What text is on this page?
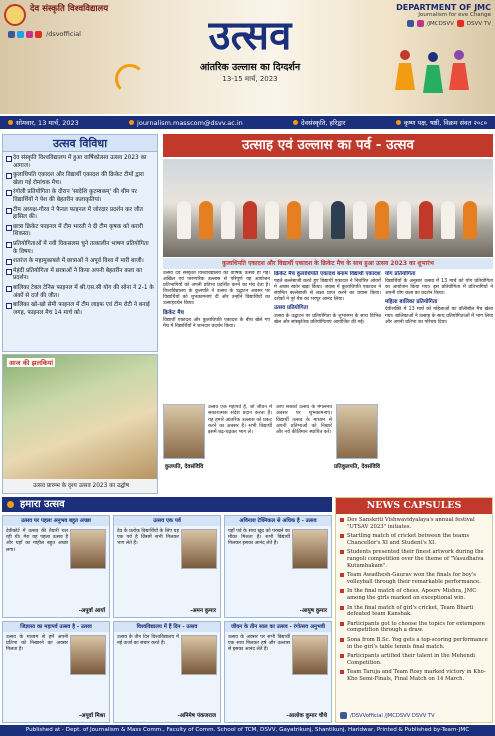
देव संस्कृति विश्वविद्यालय
/dsvofficial	उत्सव
आंतरिक उल्लास का दिग्दर्शन
13-15 मार्च, 2023
DEPARTMENT OF JMC
Journalism for eve Change
/JMCDSVV DSVV TV
सोमवार, 13 मार्च, 2023	journalism.masscom@dsvv.ac.in	देवसंस्कृति, हरिद्वार	कृष्ण पक्ष, षष्ठी, विक्रम संवत २०८०
उत्सव विविधा
देव संस्कृति विश्वविद्यालय में हुआ वार्षिकोत्सव उत्सव 2023 का आगाज।
कुलाधिपति एकादश और विद्यार्थी एकादश की क्रिकेट टीमों द्वारा खेला गई रोमांचक मैच।
रंगोली प्रतियोगिता के दौरान 'स्वदेशि कुटम्बकम्' की थीम पर विद्यार्थियों ने पेश की बेहतरीन कलाकृतियां।
टीम अध्यक्ष-गौरव ने फैनल फाइनल में जोरदार प्रदर्शन कर जीत हासिल की।
छात्रा क्रिकेट फाइनल में टीम भारती ने दी टीम कृषक को करारी शिकस्त।
प्रतियोगिताओं में नवी विकसलस चुने तत्कालीन भाषण प्रतियोगिता के विषय।
शतरंज के महामुकाबले में छात्राओं ने अपूर्व विश्व में मारी बाजी।
मेहंदी प्रतियोगिता में छात्राओं ने किया अपनी बेहतरीन कला का प्रदर्शन।
बालिका टेबल टेनिस फाइनल में श्री.एस.सी योग की सोना ने 2-1 के अंकों से दर्ज की जीत।
बालिका खो-खो सेमी फाइनल में टीम लाइफ एवं टीम रोटी ने बनाई जगह, फाइनल मैच 14 मार्च को।
आज की झलकियां
उत्सव प्रारम्भ के दृश्य उत्सव 2023 का उद्घोष
उत्साह एवं उल्लास का पर्व - उत्सव
कुलाधिपति एकादश और विद्यार्थी एकादश के क्रिकेट मैच के साथ हुआ उत्सव 2023 का शुभारंभ

उत्सव देव संस्कृति विश्वविद्यालय का वार्षिक उत्सव हो गई। अखिल एवं पारम्परिक उल्लास से परिपूर्ण यह आयोजन प्रतिभागियों को अपनी प्रतिभा प्रदर्शित करने का मंच देता है। विश्वविद्यालय के कुलपति ने उत्सव के उद्घाटन अवसर पर विद्यार्थियों को शुभकामनाएं दीं और उन्होंने विद्यार्थियों का उत्साहवर्धन किया।

क्रिकेट मैच

विद्यार्थी एकादश और कुलाधिपति एकादश के बीच खेले गए मैच में विद्यार्थियों ने शानदार प्रदर्शन किया।

क्रिकेट मैच कुलाधिपति एकादश बनाम विद्यार्थी एकादश

पहले बल्लेबाजी करते हुए विद्यार्थी एकादश ने निर्धारित ओवरों में अच्छा स्कोर खड़ा किया। जवाब में कुलाधिपति एकादश ने संयमित बल्लेबाजी से लक्ष्य प्राप्त करने का प्रयास किया। दर्शकों ने पूरे मैच का भरपूर आनंद लिया।

उत्सव प्रतियोगिता

उत्सव के उद्घाटन पर प्रतियोगिता के शुभारम्भ के साथ विभिन्न खेल और सांस्कृतिक प्रतियोगिताएं आयोजित की गईं।

योग प्रतियोगिता

विद्यार्थियों के अनुसार उत्सव में 13 मार्च को योग प्रतियोगिता का आयोजन किया गया। इस प्रतियोगिता में प्रतिभागियों ने अपनी योग कला का प्रदर्शन किया।

महिला बालिका प्रतियोगिता

देवीशक्ति में 13 मार्च को महिलाओं का वॉलीबॉल मैच खेला गया। बालिकाओं ने उत्साह के साथ प्रतियोगिताओं में भाग लिया और अपनी प्रतिभा का परिचय दिया।

कुलपति, देवसंविवि
उत्सव एक महापर्व है, जो जीवन में सकारात्मक संदेश प्रदान करता है। यह हमारे आंतरिक उल्लास को प्रकट करने का अवसर है। सभी विद्यार्थी इसमें बढ़-चढ़कर भाग लें।
प्रतिकुलपति, देवसंविवि
आप सबको उत्सव के मंगलमय अवसर पर शुभकामनाएं। विद्यार्थी उत्सव के माध्यम से अपनी प्रतिभाओं को निखारें और नये कीर्तिमान स्थापित करें।
हमारा उत्सव
उत्सव पर पहला अनुभव बहुत अच्छा
देवीकोर्ट में उत्सव की तैयारी चल रही थी। मेरा यह पहला उत्सव है और यहाँ का माहौल बहुत अच्छा लगा।
-अपूर्वा आर्या
उत्सव एक पर्व
देव के प्रत्येक विद्यार्थियों के लिए यह एक पर्व है जिसमें सभी मिलकर भाग लेते हैं।
-अमन कुमार
अविनाश टेक्निकल से अधिक है - उत्सव
यहाँ पर्व के साथ खुद को परखने का मौका मिलता है। सभी विद्यार्थी मिलकर इसका आनंद लेते हैं।
-आयुष कुमार
जिज्ञासा का महापर्व उत्सव है - उत्सव
उत्सव के माध्यम से हमें अपनी प्रतिभा को निखारने का अवसर मिलता है।
-अपूर्वा मिश्रा
विश्वविद्यालय में हैं दिन - उत्सव
उत्सव के तीन दिन विश्वविद्यालय में नई ऊर्जा का संचार करते हैं।
-अनिमेष पंकजराज
जीवन के तीन साल का उत्सव - रंगोत्सव अनुभवी
उत्सव के अवसर पर सभी विद्यार्थी एक साथ मिलकर हर्ष और उल्लास से इसका आनंद लेते हैं।
-आलोक कुमार चौधे
NEWS CAPSULES
Dev Sanskriti Vishwavidyalaya's annual festival "UTSAV 2023" initiates.
Startling match of cricket between the teams Chancellor's XI and Student's XI.
Students presented their finest artwork during the rangoli competition over the theme of "Vasudhaiva Kutumbakam".
Team Awadhesh-Gaurav won the finals for boy's volleyball through their remarkable performance.
In the final match of chess, Apoorv Mishra, JMC among the girls marked an exceptional win.
In the final match of girl's cricket, Team Bharti defeated team Kanshak.
Participants got to choose the topics for extempore competition through a draw.
Sona from B.Sc. Yog gets a top-scoring performance in the girl's table tennis final match.
Participants artified their talent in the Mehendi Competition.
Team Taruja and Team Rosy marked victory in Kho-Kho Semi-Finals, Final Match on 14 March.
/DSVVofficial /JMCDSVV DSVV TV
Published at - Dept. of Journalism & Mass Comm., Faculty of Comm. School of TCM, DSVV, Gayatrikunj, Shantikunj, Haridwar, Printed & Published by-Team-JMC
